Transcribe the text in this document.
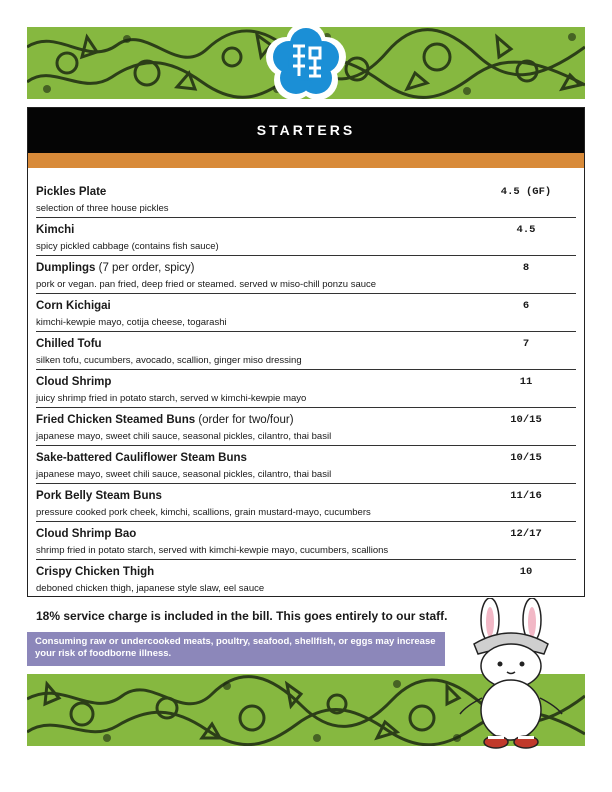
STARTERS
Pickles Plate
selection of three house pickles
4.5 (GF)
Kimchi
spicy pickled cabbage (contains fish sauce)
4.5
Dumplings (7 per order, spicy)
pork or vegan. pan fried, deep fried or steamed. served w miso-chill ponzu sauce
8
Corn Kichigai
kimchi-kewpie mayo, cotija cheese, togarashi
6
Chilled Tofu
silken tofu, cucumbers, avocado, scallion, ginger miso dressing
7
Cloud Shrimp
juicy shrimp fried in potato starch, served w kimchi-kewpie mayo
11
Fried Chicken Steamed Buns (order for two/four)
japanese mayo, sweet chili sauce, seasonal pickles, cilantro, thai basil
10/15
Sake-battered Cauliflower Steam Buns
japanese mayo, sweet chili sauce, seasonal pickles, cilantro, thai basil
10/15
Pork Belly Steam Buns
pressure cooked pork cheek, kimchi, scallions, grain mustard-mayo, cucumbers
11/16
Cloud Shrimp Bao
shrimp fried in potato starch, served with kimchi-kewpie mayo, cucumbers, scallions
12/17
Crispy Chicken Thigh
deboned chicken thigh, japanese style slaw, eel sauce
10
18% service charge is included in the bill. This goes entirely to our staff.
Consuming raw or undercooked meats, poultry, seafood, shellfish, or eggs may increase
your risk of foodborne illness.
